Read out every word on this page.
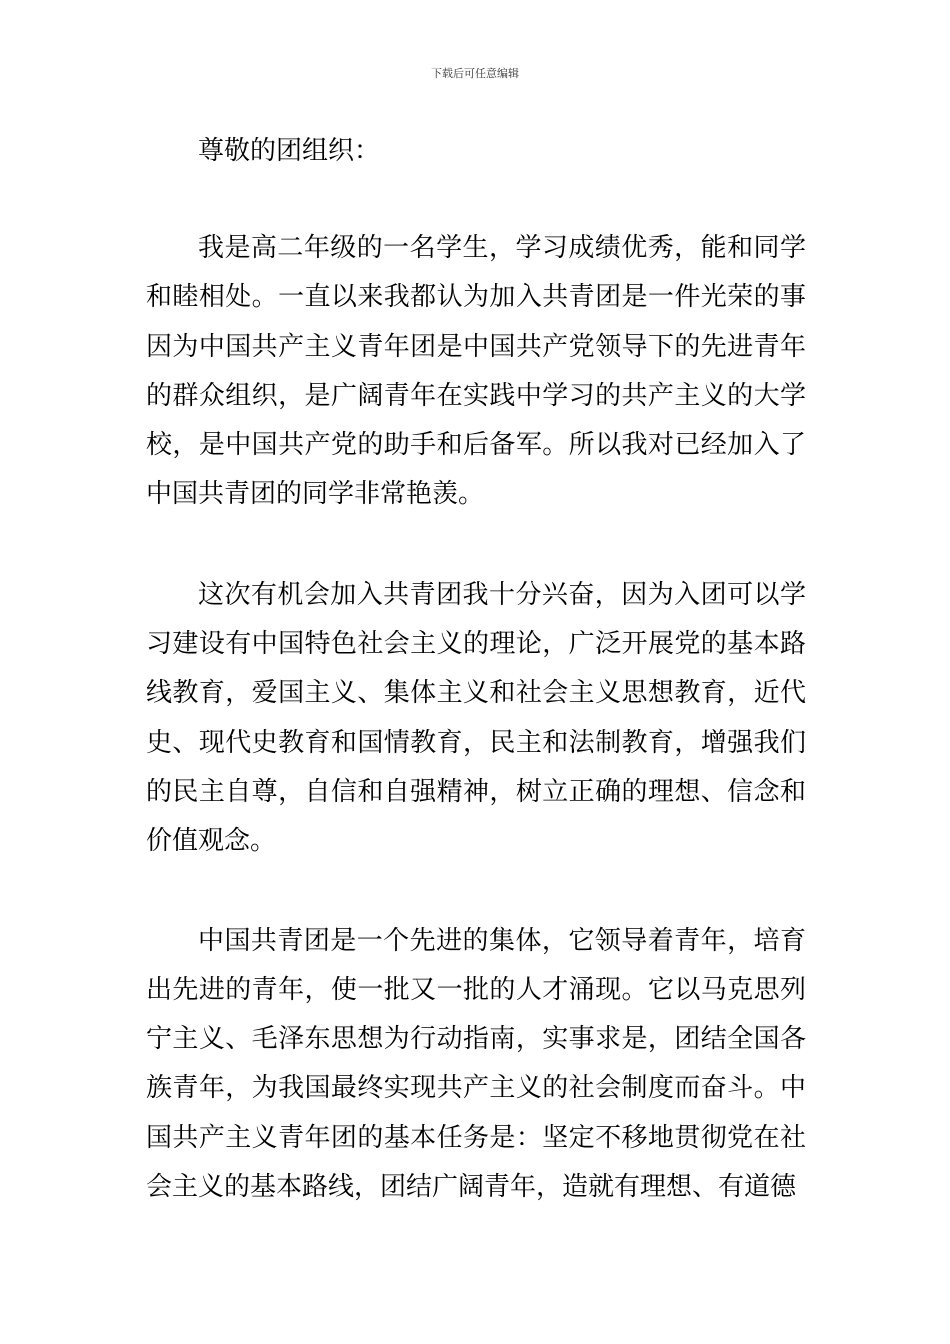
下载后可任意编辑

尊敬的团组织：

我是高二年级的一名学生，学习成绩优秀，能和同学和睦相处。一直以来我都认为加入共青团是一件光荣的事因为中国共产主义青年团是中国共产党领导下的先进青年的群众组织，是广阔青年在实践中学习的共产主义的大学校，是中国共产党的助手和后备军。所以我对已经加入了中国共青团的同学非常艳羡。

这次有机会加入共青团我十分兴奋，因为入团可以学习建设有中国特色社会主义的理论，广泛开展党的基本路线教育，爱国主义、集体主义和社会主义思想教育，近代史、现代史教育和国情教育，民主和法制教育，增强我们的民主自尊，自信和自强精神，树立正确的理想、信念和价值观念。

中国共青团是一个先进的集体，它领导着青年，培育出先进的青年，使一批又一批的人才涌现。它以马克思列宁主义、毛泽东思想为行动指南，实事求是，团结全国各族青年，为我国最终实现共产主义的社会制度而奋斗。中国共产主义青年团的基本任务是：坚定不移地贯彻党在社会主义的基本路线，团结广阔青年，造就有理想、有道德
